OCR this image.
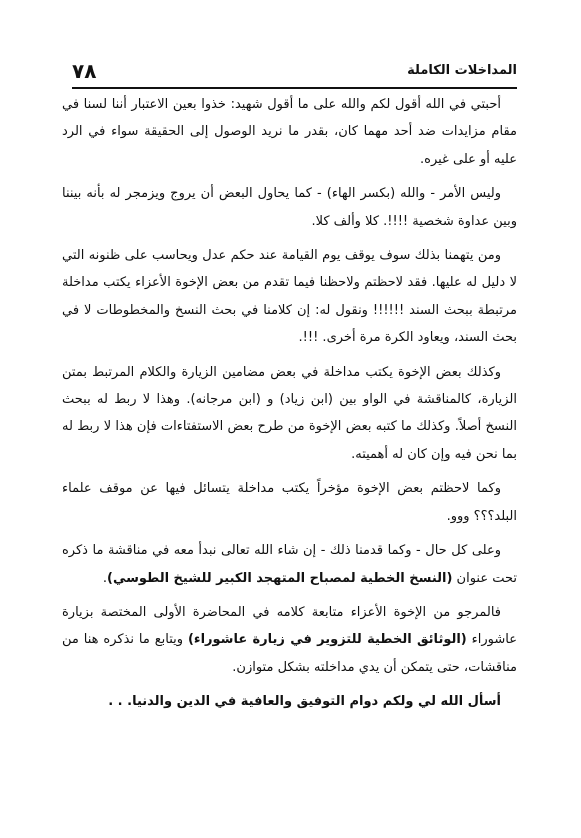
٧٨	المداخلات الكاملة

أحبتي في الله أقول لكم والله على ما أقول شهيد: خذوا بعين الاعتبار أننا لسنا في مقام مزايدات ضد أحد مهما كان، بقدر ما نريد الوصول إلى الحقيقة سواء في الرد عليه أو على غيره.

وليس الأمر - والله (بكسر الهاء) - كما يحاول البعض أن يروج ويزمجر له بأنه بيننا وبين عداوة شخصية !!!!. كلا وألف كلا.

ومن يتهمنا بذلك سوف يوقف يوم القيامة عند حكم عدل ويحاسب على ظنونه التي لا دليل له عليها. فقد لاحظتم ولاحظنا فيما تقدم من بعض الإخوة الأعزاء يكتب مداخلة مرتبطة ببحث السند !!!!!! ونقول له: إن كلامنا في بحث النسخ والمخطوطات لا في بحث السند، ويعاود الكرة مرة أخرى. !!!.

وكذلك بعض الإخوة يكتب مداخلة في بعض مضامين الزيارة والكلام المرتبط بمتن الزيارة، كالمناقشة في الواو بين (ابن زياد) و (ابن مرجانه). وهذا لا ربط له ببحث النسخ أصلاً. وكذلك ما كتبه بعض الإخوة من طرح بعض الاستفتاءات فإن هذا لا ربط له بما نحن فيه وإن كان له أهميته.

وكما لاحظتم بعض الإخوة مؤخراً يكتب مداخلة يتسائل فيها عن موقف علماء البلد؟؟؟ ووو.

وعلى كل حال - وكما قدمنا ذلك - إن شاء الله تعالى نبدأ معه في مناقشة ما ذكره تحت عنوان (النسخ الخطية لمصباح المتهجد الكبير للشيخ الطوسي).

فالمرجو من الإخوة الأعزاء متابعة كلامه في المحاضرة الأولى المختصة بزيارة عاشوراء (الوثائق الخطية للتزوير في زيارة عاشوراء) ويتابع ما نذكره هنا من مناقشات، حتى يتمكن أن يدي مداخلته بشكل متوازن.

أسأل الله لي ولكم دوام التوفيق والعافية في الدين والدنيا. . .
